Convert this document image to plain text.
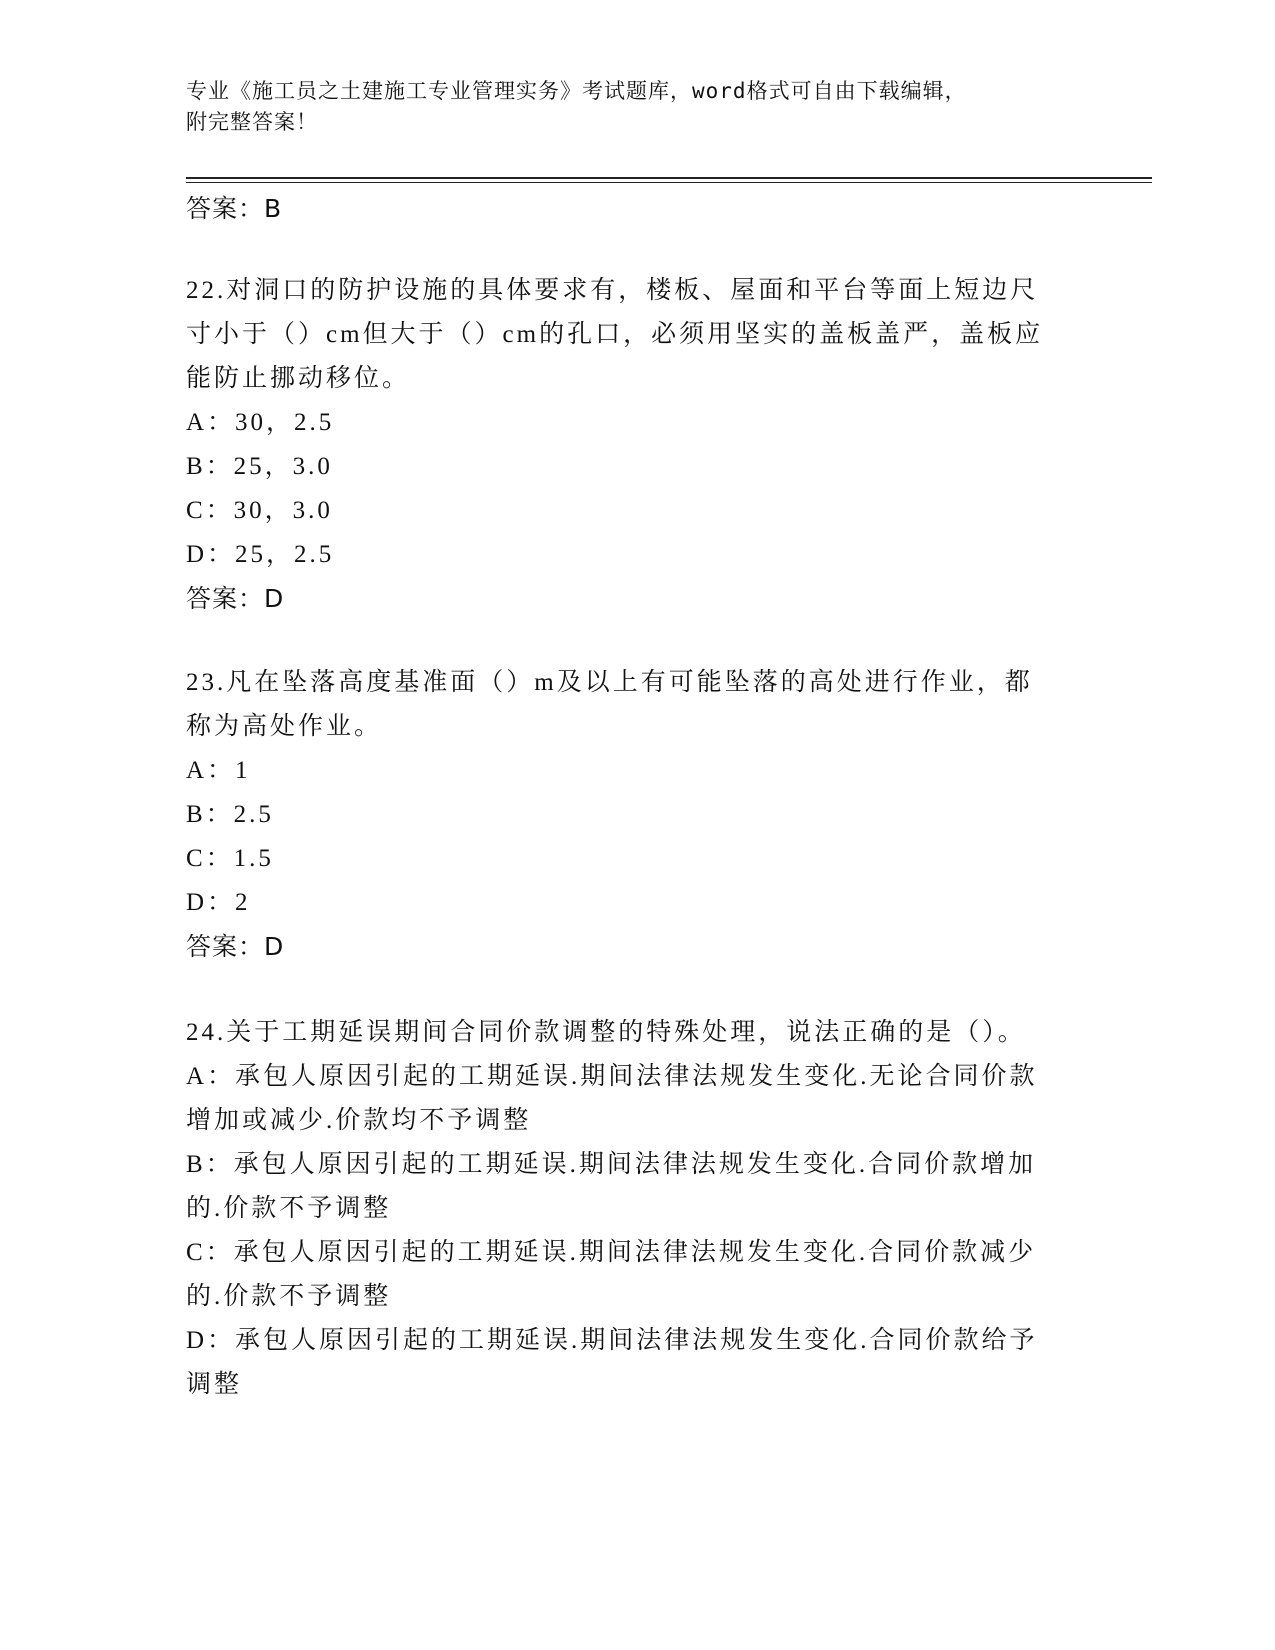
专业《施工员之土建施工专业管理实务》考试题库，word格式可自由下载编辑，
附完整答案！
答案：B
22.对洞口的防护设施的具体要求有，楼板、屋面和平台等面上短边尺
寸小于（）cm但大于（）cm的孔口，必须用坚实的盖板盖严，盖板应
能防止挪动移位。
A：30，2.5
B：25，3.0
C：30，3.0
D：25，2.5
答案：D
23.凡在坠落高度基准面（）m及以上有可能坠落的高处进行作业，都
称为高处作业。
A：1
B：2.5
C：1.5
D：2
答案：D
24.关于工期延误期间合同价款调整的特殊处理，说法正确的是（）。
A：承包人原因引起的工期延误.期间法律法规发生变化.无论合同价款
增加或减少.价款均不予调整
B：承包人原因引起的工期延误.期间法律法规发生变化.合同价款增加
的.价款不予调整
C：承包人原因引起的工期延误.期间法律法规发生变化.合同价款减少
的.价款不予调整
D：承包人原因引起的工期延误.期间法律法规发生变化.合同价款给予
调整
